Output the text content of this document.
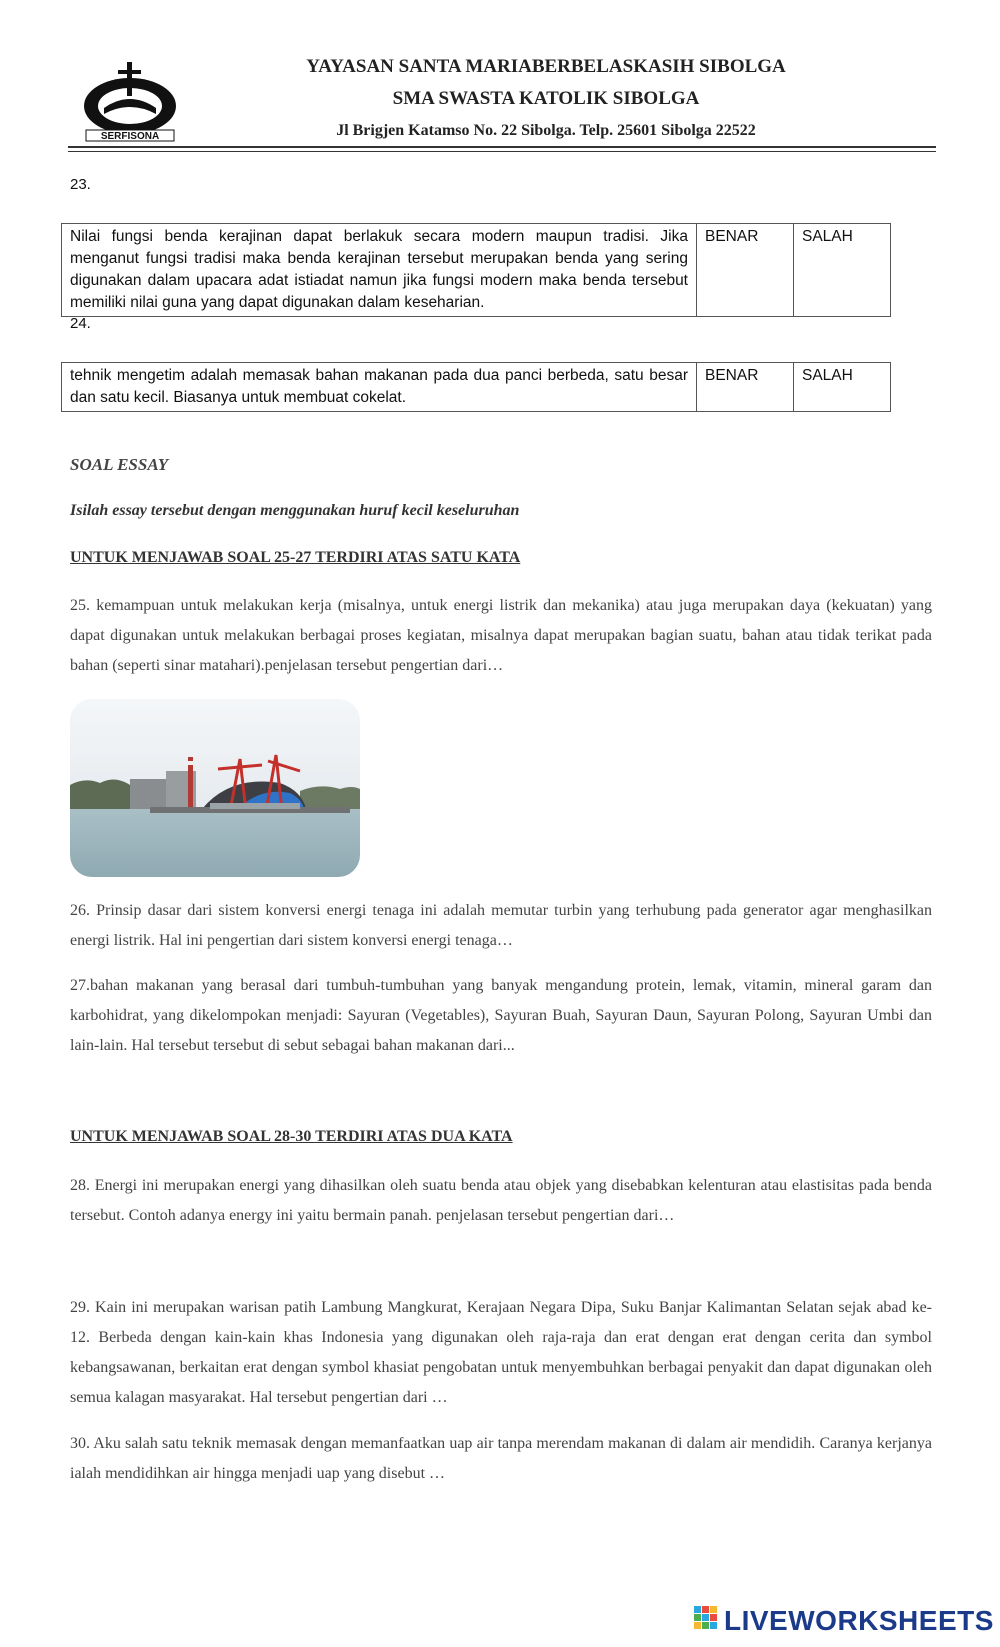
SERFISONA
YAYASAN SANTA MARIABERBELASKASIH SIBOLGA
SMA SWASTA KATOLIK SIBOLGA
Jl Brigjen Katamso No. 22 Sibolga. Telp. 25601 Sibolga 22522
23.
Nilai fungsi benda kerajinan dapat berlakuk secara modern maupun tradisi. Jika menganut fungsi tradisi maka benda kerajinan tersebut merupakan benda yang sering digunakan dalam upacara adat istiadat namun jika fungsi modern maka benda tersebut memiliki nilai guna yang dapat digunakan dalam keseharian.	BENAR	SALAH
24.
tehnik mengetim adalah memasak bahan makanan pada dua panci berbeda, satu besar dan satu kecil. Biasanya untuk membuat cokelat.	BENAR	SALAH
SOAL ESSAY
Isilah essay tersebut dengan menggunakan huruf kecil keseluruhan
UNTUK MENJAWAB SOAL 25-27 TERDIRI ATAS SATU KATA
25. kemampuan untuk melakukan kerja (misalnya, untuk energi listrik dan mekanika) atau juga merupakan daya (kekuatan) yang dapat digunakan untuk melakukan berbagai proses kegiatan, misalnya dapat merupakan bagian suatu, bahan atau tidak terikat pada bahan (seperti sinar matahari).penjelasan tersebut pengertian dari…
26. Prinsip dasar dari sistem konversi energi tenaga ini adalah memutar turbin yang terhubung pada generator agar menghasilkan energi listrik. Hal ini pengertian dari sistem konversi energi tenaga…
27.bahan makanan yang berasal dari tumbuh-tumbuhan yang banyak mengandung protein, lemak, vitamin, mineral garam dan karbohidrat, yang dikelompokan menjadi: Sayuran (Vegetables), Sayuran Buah, Sayuran Daun, Sayuran Polong, Sayuran Umbi dan lain-lain. Hal tersebut tersebut di sebut sebagai bahan makanan dari...
UNTUK MENJAWAB SOAL 28-30 TERDIRI ATAS DUA KATA
28. Energi ini merupakan energi yang dihasilkan oleh suatu benda atau objek yang disebabkan kelenturan atau elastisitas pada benda tersebut. Contoh adanya energy ini yaitu bermain panah. penjelasan tersebut pengertian dari…
29. Kain ini merupakan warisan patih Lambung Mangkurat, Kerajaan Negara Dipa, Suku Banjar Kalimantan Selatan sejak abad ke-12. Berbeda dengan kain-kain khas Indonesia yang digunakan oleh raja-raja dan erat dengan erat dengan cerita dan symbol kebangsawanan, berkaitan erat dengan symbol khasiat pengobatan untuk menyembuhkan berbagai penyakit dan dapat digunakan oleh semua kalagan masyarakat. Hal tersebut pengertian dari …
30. Aku salah satu teknik memasak dengan memanfaatkan uap air tanpa merendam makanan di dalam air mendidih. Caranya kerjanya ialah mendidihkan air hingga menjadi uap yang disebut …
LIVEWORKSHEETS
